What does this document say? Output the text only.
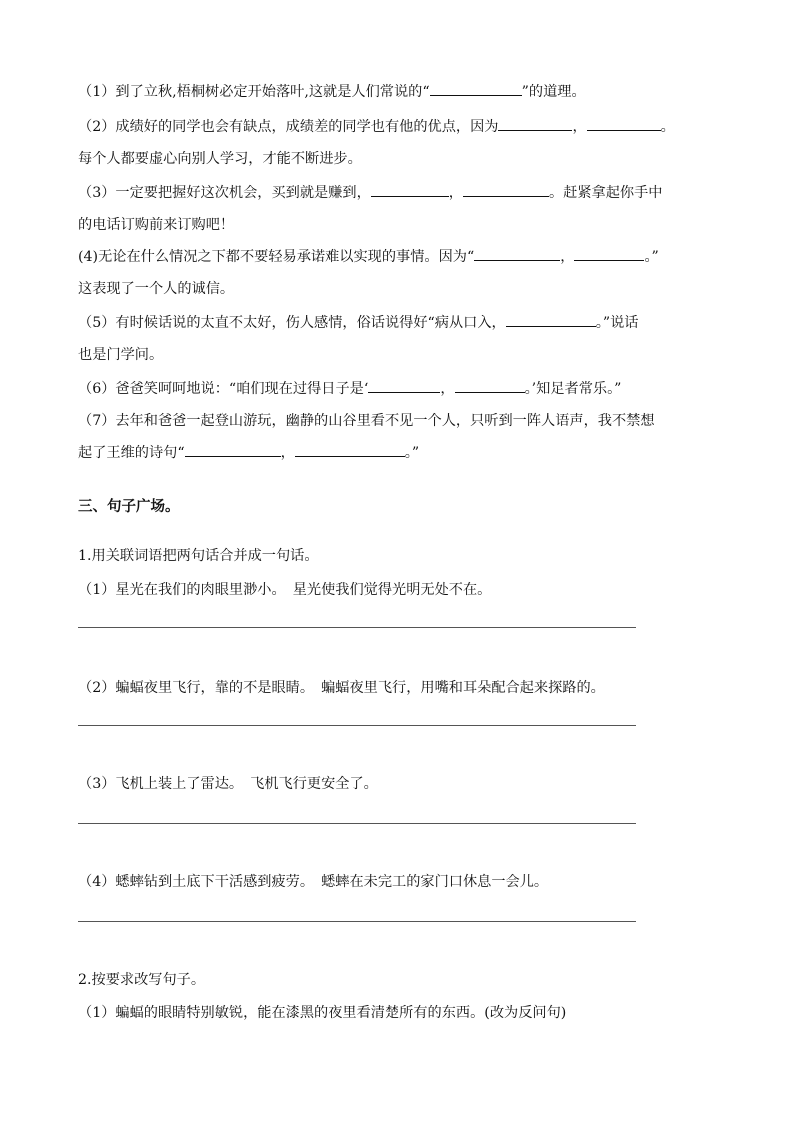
（1）到了立秋,梧桐树必定开始落叶,这就是人们常说的“	”的道理。
（2）成绩好的同学也会有缺点，成绩差的同学也有他的优点，因为	，	。
每个人都要虚心向别人学习，才能不断进步。
（3）一定要把握好这次机会，买到就是赚到，	，	。赶紧拿起你手中
的电话订购前来订购吧！
(4)无论在什么情况之下都不要轻易承诺难以实现的事情。因为“	，	。”
这表现了一个人的诚信。
（5）有时候话说的太直不太好，伤人感情，俗话说得好“病从口入，	。”说话
也是门学问。
（6）爸爸笑呵呵地说：“咱们现在过得日子是‘	，	。’知足者常乐。”
（7）去年和爸爸一起登山游玩，幽静的山谷里看不见一个人，只听到一阵人语声，我不禁想
起了王维的诗句“	，	。”
三、句子广场。
1.用关联词语把两句话合并成一句话。
（1）星光在我们的肉眼里渺小。　星光使我们觉得光明无处不在。
（2）蝙蝠夜里飞行，靠的不是眼睛。　蝙蝠夜里飞行，用嘴和耳朵配合起来探路的。
（3）飞机上装上了雷达。　飞机飞行更安全了。
（4）蟋蟀钻到土底下干活感到疲劳。　蟋蟀在未完工的家门口休息一会儿。
2.按要求改写句子。
（1）蝙蝠的眼睛特别敏锐，能在漆黑的夜里看清楚所有的东西。(改为反问句)
